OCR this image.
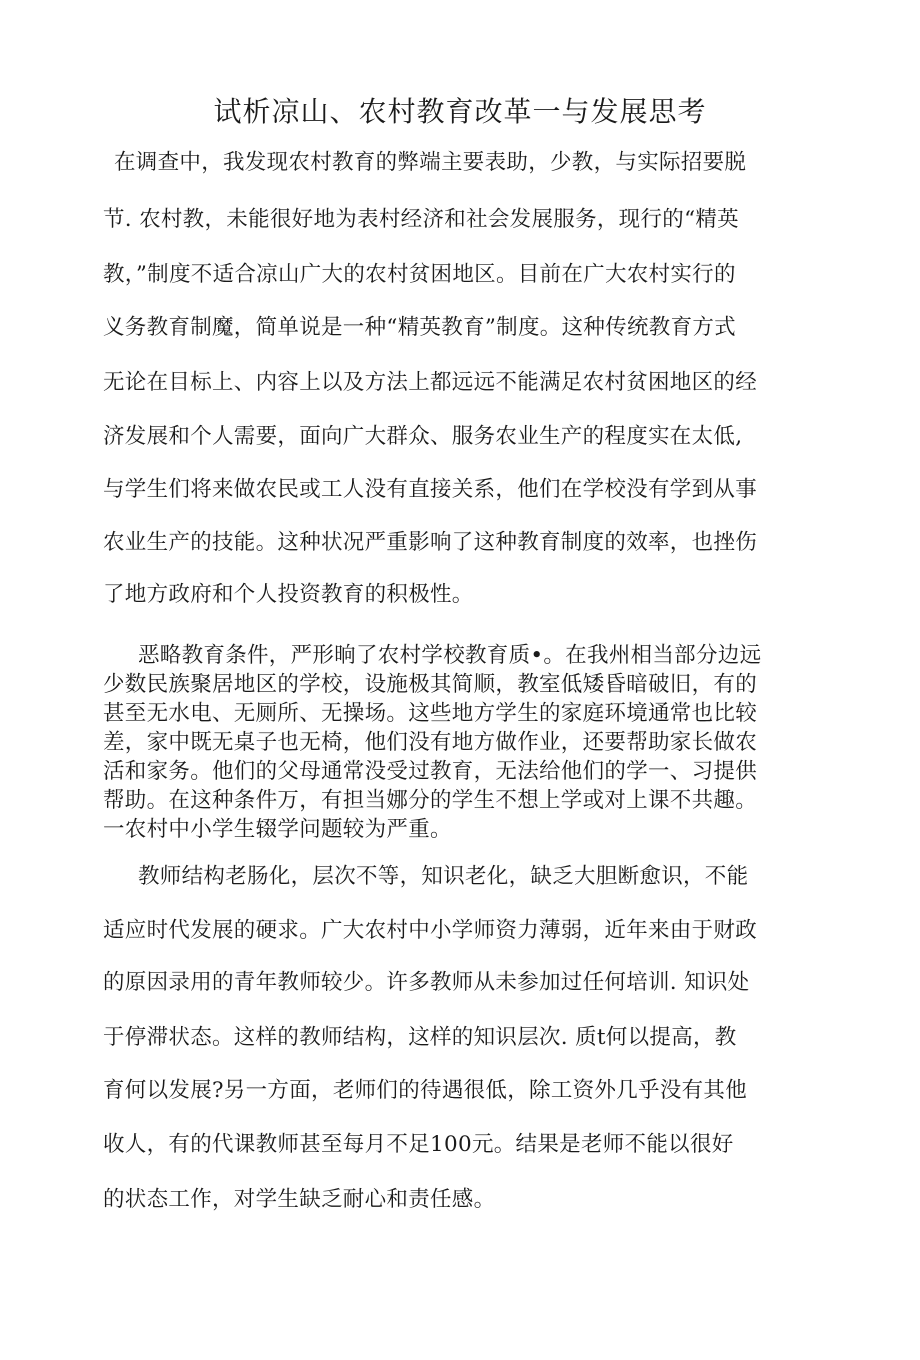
试析凉山、农村教育改革一与发展思考
在调查中，我发现农村教育的弊端主要表助，少教，与实际招要脱
节. 农村教，未能很好地为表村经济和社会发展服务，现行的“精英
教，”制度不适合凉山广大的农村贫困地区。目前在广大农村实行的
义务教育制魔，简单说是一种“精英教育”制度。这种传统教育方式
无论在目标上、内容上以及方法上都远远不能满足农村贫困地区的经
济发展和个人需要，面向广大群众、服务农业生产的程度实在太低,
与学生们将来做农民或工人没有直接关系，他们在学校没有学到从事
农业生产的技能。这种状况严重影响了这种教育制度的效率，也挫伤
了地方政府和个人投资教育的积极性。
恶略教育条件，严形晌了农村学校教育质•。在我州相当部分边远
少数民族聚居地区的学校，设施极其简顺，教室低矮昏暗破旧，有的
甚至无水电、无厕所、无操场。这些地方学生的家庭环境通常也比较
差，家中既无桌子也无椅，他们没有地方做作业，还要帮助家长做农
活和家务。他们的父母通常没受过教育，无法给他们的学一、习提供
帮助。在这种条件万，有担当娜分的学生不想上学或对上课不共趣。
一农村中小学生辍学问题较为严重。
教师结构老肠化，层次不等，知识老化，缺乏大胆断愈识，不能
适应时代发展的硬求。广大农村中小学师资力薄弱，近年来由于财政
的原因录用的青年教师较少。许多教师从未参加过任何培训. 知识处
于停滞状态。这样的教师结构，这样的知识层次. 质t何以提高，教
育何以发展?另一方面，老师们的待遇很低，除工资外几乎没有其他
收人，有的代课教师甚至每月不足100元。结果是老师不能以很好
的状态工作，对学生缺乏耐心和责任感。
